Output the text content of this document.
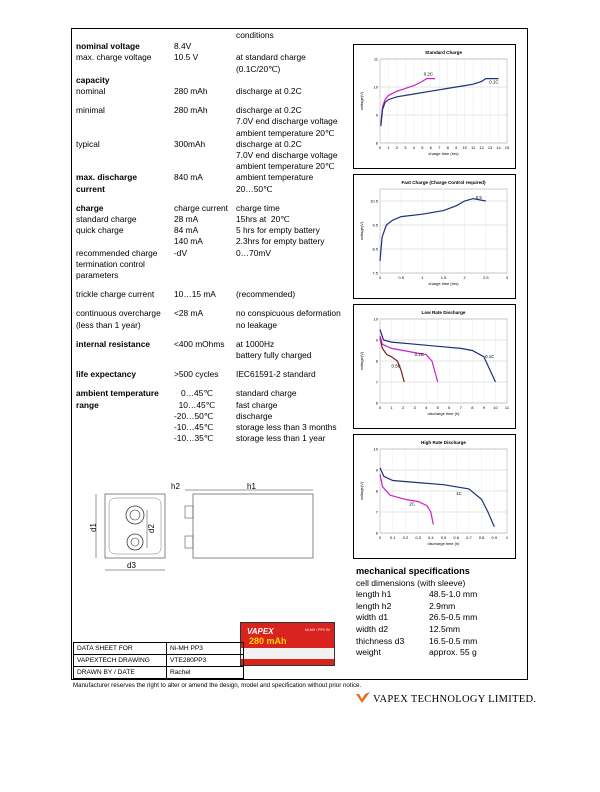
conditions
nominal voltage	8.4V
max. charge voltage	10.5 V	at standard charge
(0.1C/20℃)
capacity
nominal	280 mAh	discharge at 0.2C
minimal	280 mAh	discharge at 0.2C
7.0V end discharge voltage
ambient temperature 20℃
typical	300mAh	discharge at 0.2C
7.0V end discharge voltage
ambient temperature 20℃
max. discharge	840 mA	ambient temperature
current	20…50℃
charge	charge current charge time
standard charge	28 mA	15hrs at  20℃
quick charge	84 mA	5 hrs for empty battery
140 mA	2.3hrs for empty battery
recommended charge	-dV	0…70mV
termination control
parameters
trickle charge current	10…15 mA	(recommended)
continuous overcharge	<28 mA	no conspicuous deformation
(less than 1 year)	no leakage
internal resistance	<400 mOhms	at 1000Hz
battery fully charged
life expectancy	>500 cycles	IEC61591-2 standard
ambient temperature	0…45℃	standard charge
range	10…45℃	fast charge
-20…50℃	discharge
-10…45℃	storage less than 3 months
-10…35℃	storage less than 1 year
8
9
10
11
0 1 2 3 4 5 6 7 8 9 10 11 12 13 14 15
Standard Charge
charge time (hrs)
voltage(V)
0.2C
0.1C
7.5
8.5
9.5
10.5
0	0.5	1	1.5	2	2.5	3
Fast Charge (Charge Control required)
charge time (hrs)
voltage(V)
0.5
6
7
8
9
10
0 1 2 3 4 5 6 7 8 9 10 11
Low Rate Discharge
discharge time (h)
voltage(V)	0.5C
0.2C	0.1C
6
7
8
9
10
0 0.1 0.2 0.3 0.4 0.5 0.6 0.7 0.8 0.9 1
High Rate Discharge
discharge time (h)
voltage(V)
2C
1C
d1	d2
d3
h2	h1
mechanical specifications
cell dimensions (with sleeve)
length h1	48.5-1.0 mm
length h2	2.9mm
width d1	26.5-0.5 mm
width d2	12.5mm
thichness d3	16.5-0.5 mm
weight	approx. 55 g
VAPEX	NI-MH / PP3 9V
280 mAh
DATA SHEET FOR	Ni-MH PP3
VAPEXTECH DRAWING	VTE280PP3
DRAWN BY / DATE	Rachel
Manufacturer reserves the right to alter or amend the design, model and specification without prior notice.
VAPEX TECHNOLOGY LIMITED.
